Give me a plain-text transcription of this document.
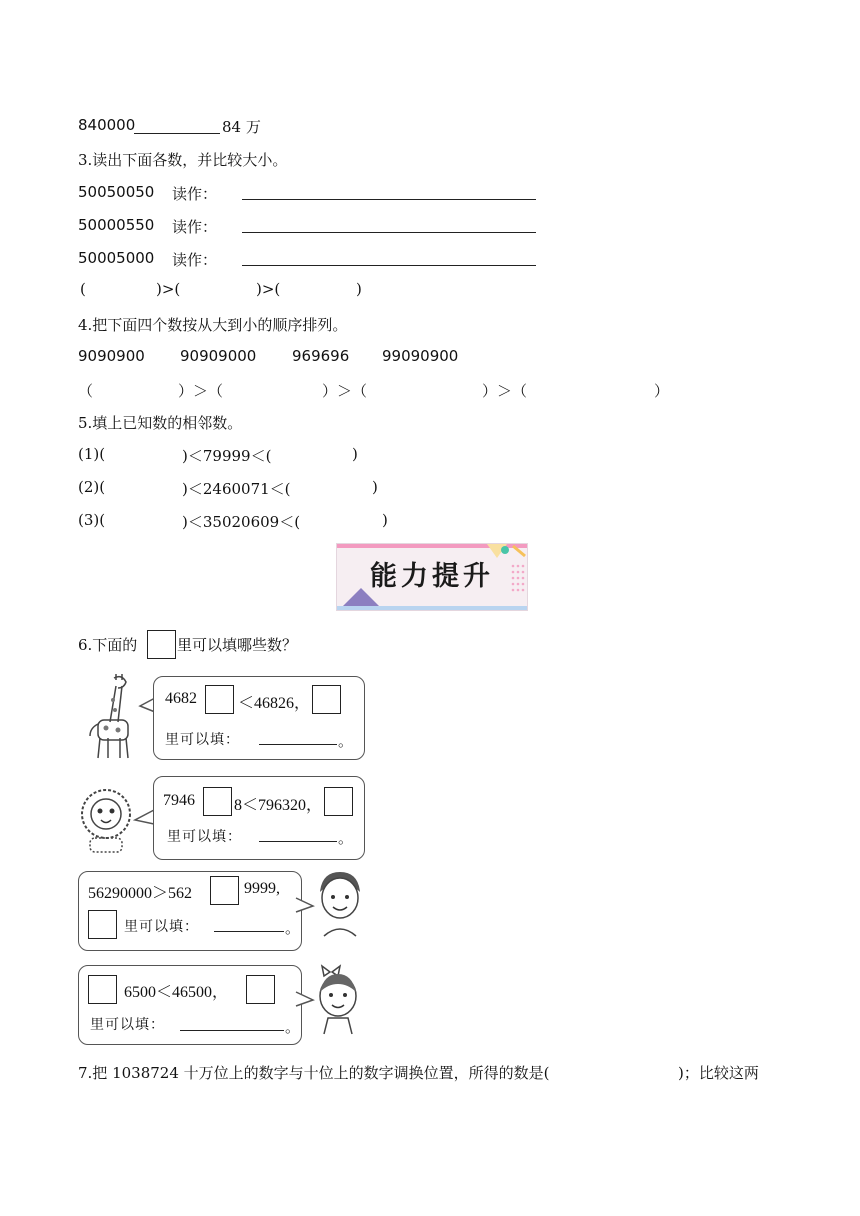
840000	84 万
3.读出下面各数，并比较大小。
50050050 读作：
50000550 读作：
50005000 读作：
(	)>(	)>(	)
4.把下面四个数按从大到小的顺序排列。
9090900 90909000 969696 99090900
（	）＞（	）＞（	）＞（	）
5.填上已知数的相邻数。
(1)(	)＜79999＜(	)
(2)(	)＜2460071＜(	)
(3)(	)＜35020609＜(	)
能力提升
6.下面的	里可以填哪些数？
4682	＜46826，
里可以填：	。
7946 8＜796320，
里可以填：	。
56290000＞562	9999,
里可以填：	。
6500＜46500，
里可以填：	。
7.把 1038724 十万位上的数字与十位上的数字调换位置，所得的数是(	)；比较这两
